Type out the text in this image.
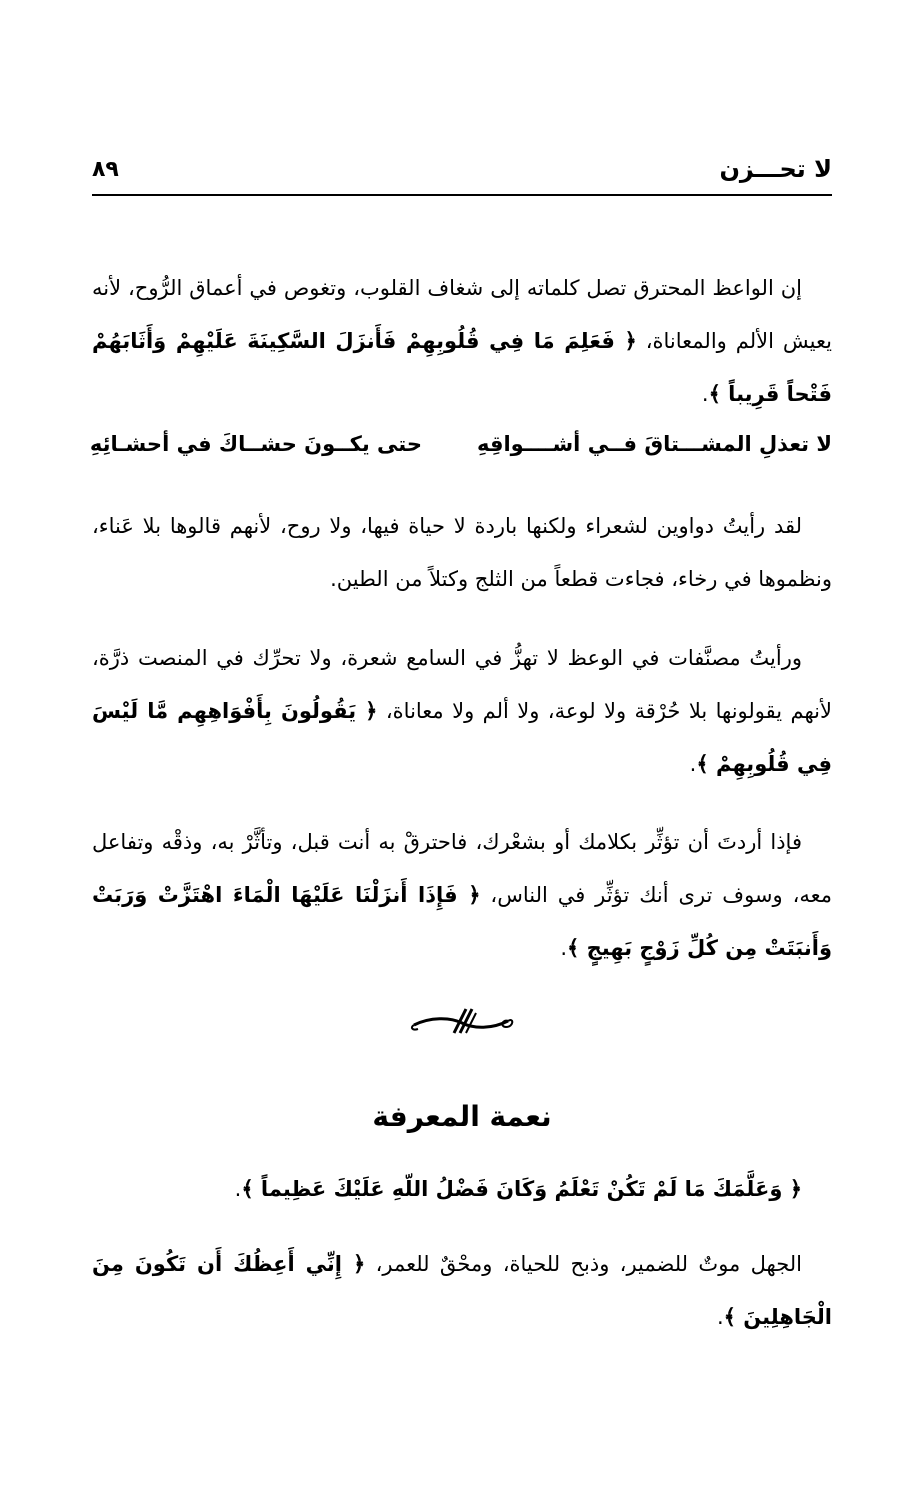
٨٩	لا تحـــزن

إن الواعظ المحترق تصل كلماته إلى شغاف القلوب، وتغوص في أعماق الرُّوح، لأنه يعيش الألم والمعاناة، ﴿ فَعَلِمَ مَا فِي قُلُوبِهِمْ فَأَنزَلَ السَّكِينَةَ عَلَيْهِمْ وَأَثَابَهُمْ فَتْحاً قَرِيباً ﴾.

لا تعذلِ المشـــتاقَ فــي أشــــواقِهِ
حتى يكــونَ حشــاكَ في أحشـائِهِ

لقد رأيتُ دواوين لشعراء ولكنها باردة لا حياة فيها، ولا روح، لأنهم قالوها بلا عَناء، ونظموها في رخاء، فجاءت قطعاً من الثلج وكتلاً من الطين.

ورأيتُ مصنَّفات في الوعظ لا تهزُّ في السامع شعرة، ولا تحرِّك في المنصت ذرَّة، لأنهم يقولونها بلا حُرْقة ولا لوعة، ولا ألم ولا معاناة، ﴿ يَقُولُونَ بِأَفْوَاهِهِم مَّا لَيْسَ فِي قُلُوبِهِمْ ﴾.

فإذا أردتَ أن تؤثِّر بكلامك أو بشعْرك، فاحترقْ به أنت قبل، وتأثَّرْ به، وذقْه وتفاعل معه، وسوف ترى أنك تؤثِّر في الناس، ﴿ فَإِذَا أَنزَلْنَا عَلَيْهَا الْمَاءَ اهْتَزَّتْ وَرَبَتْ وَأَنبَتَتْ مِن كُلِّ زَوْجٍ بَهِيجٍ ﴾.

نعمة المعرفة

﴿ وَعَلَّمَكَ مَا لَمْ تَكُنْ تَعْلَمُ وَكَانَ فَضْلُ اللّهِ عَلَيْكَ عَظِيماً ﴾.

الجهل موتٌ للضمير، وذبح للحياة، ومحْقٌ للعمر، ﴿ إِنِّي أَعِظُكَ أَن تَكُونَ مِنَ الْجَاهِلِينَ ﴾.
